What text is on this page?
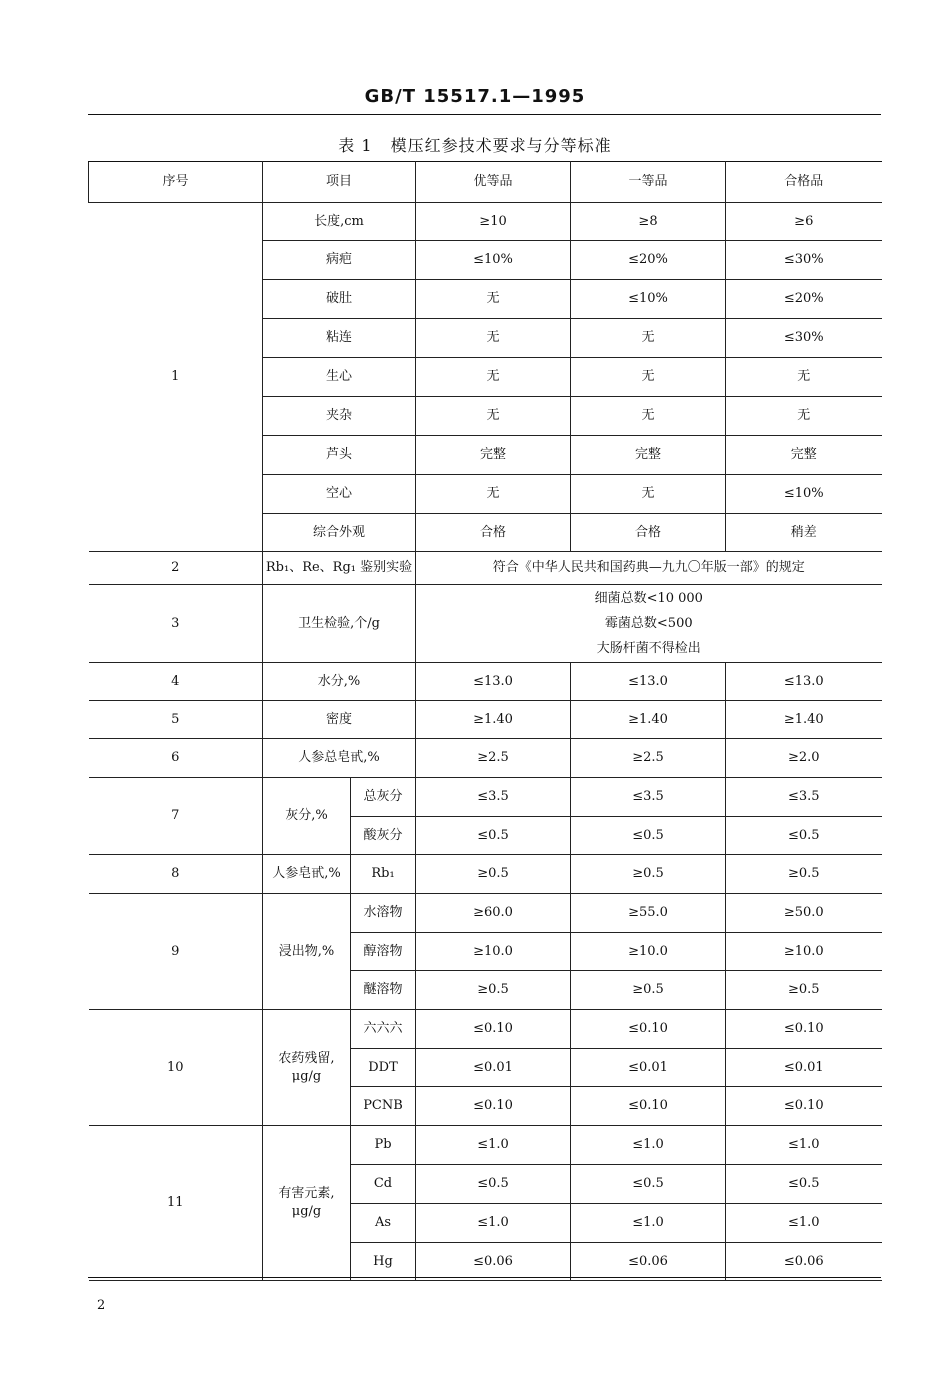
GB/T 15517.1—1995
表 1 模压红参技术要求与分等标准
序号	项目		优等品	一等品	合格品
1	长度,cm		≥10	≥8	≥6
	病疤		≤10%	≤20%	≤30%
	破肚		无	≤10%	≤20%
	粘连		无	无	≤30%
	生心		无	无	无
	夹杂		无	无	无
	芦头		完整	完整	完整
	空心		无	无	≤10%
	综合外观		合格	合格	稍差
2	Rb₁、Re、Rg₁ 鉴别实验		符合《中华人民共和国药典—九九〇年版一部》的规定		
3	卫生检验,个/g		细菌总数<10 000
霉菌总数<500
大肠杆菌不得检出		

4	水分,%		≤13.0	≤13.0	≤13.0
5	密度		≥1.40	≥1.40	≥1.40
6	人参总皂甙,%		≥2.5	≥2.5	≥2.0
7	灰分,%	总灰分	≤3.5	≤3.5	≤3.5
		酸灰分	≤0.5	≤0.5	≤0.5
8	人参皂甙,%	Rb₁	≥0.5	≥0.5	≥0.5
9	浸出物,%	水溶物	≥60.0	≥55.0	≥50.0
		醇溶物	≥10.0	≥10.0	≥10.0
		醚溶物	≥0.5	≥0.5	≥0.5
10	农药残留,
μg/g	六六六	≤0.10	≤0.10	≤0.10
		DDT	≤0.01	≤0.01	≤0.01
		PCNB	≤0.10	≤0.10	≤0.10
11	有害元素,
μg/g	Pb	≤1.0	≤1.0	≤1.0
		Cd	≤0.5	≤0.5	≤0.5
		As	≤1.0	≤1.0	≤1.0
		Hg	≤0.06	≤0.06	≤0.06
2
